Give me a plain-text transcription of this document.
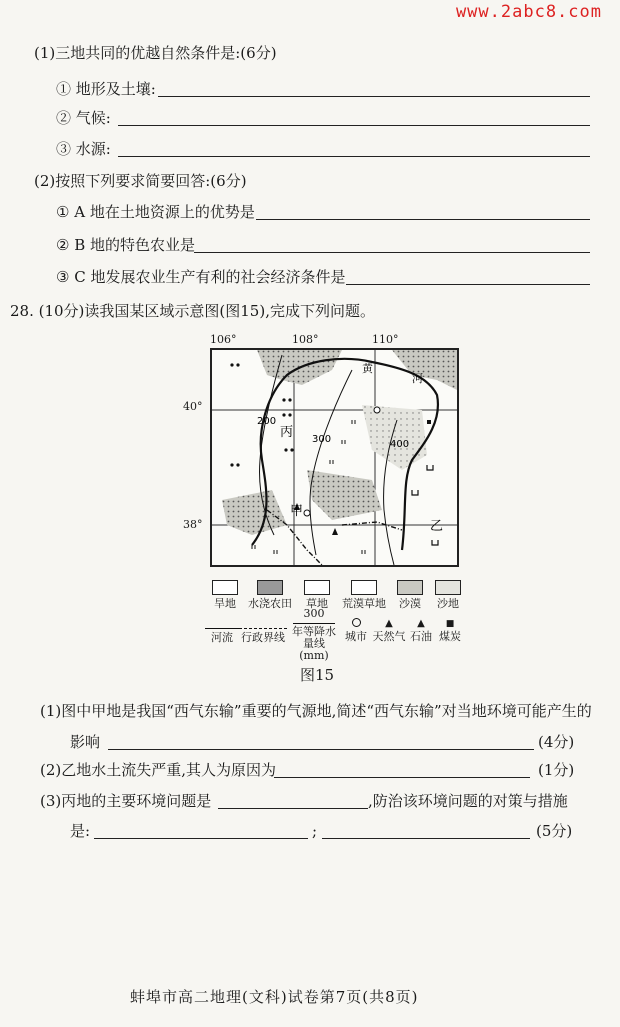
www.2abc8.com
(1)三地共同的优越自然条件是:(6分)
① 地形及土壤:
② 气候:
③ 水源:
(2)按照下列要求简要回答:(6分)
① A 地在土地资源上的优势是
② B 地的特色农业是
③ C 地发展农业生产有利的社会经济条件是
28. (10分)读我国某区域示意图(图15),完成下列问题。
106°	108°	110°
40°
38°
200
300	400
丙
甲
乙
黄
河
旱地	水浇农田	草地	荒漠草地	沙漠	沙地
河流 行政界线
300
年等降水量线(mm)
城市
▲
天然气
▲
石油
■
煤炭
图15
(1)图中甲地是我国“西气东输”重要的气源地,简述“西气东输”对当地环境可能产生的
影响	(4分)
(2)乙地水土流失严重,其人为原因为	(1分)
(3)丙地的主要环境问题是	,防治该环境问题的对策与措施
是:	;	(5分)
蚌埠市高二地理(文科)试卷第7页(共8页)
